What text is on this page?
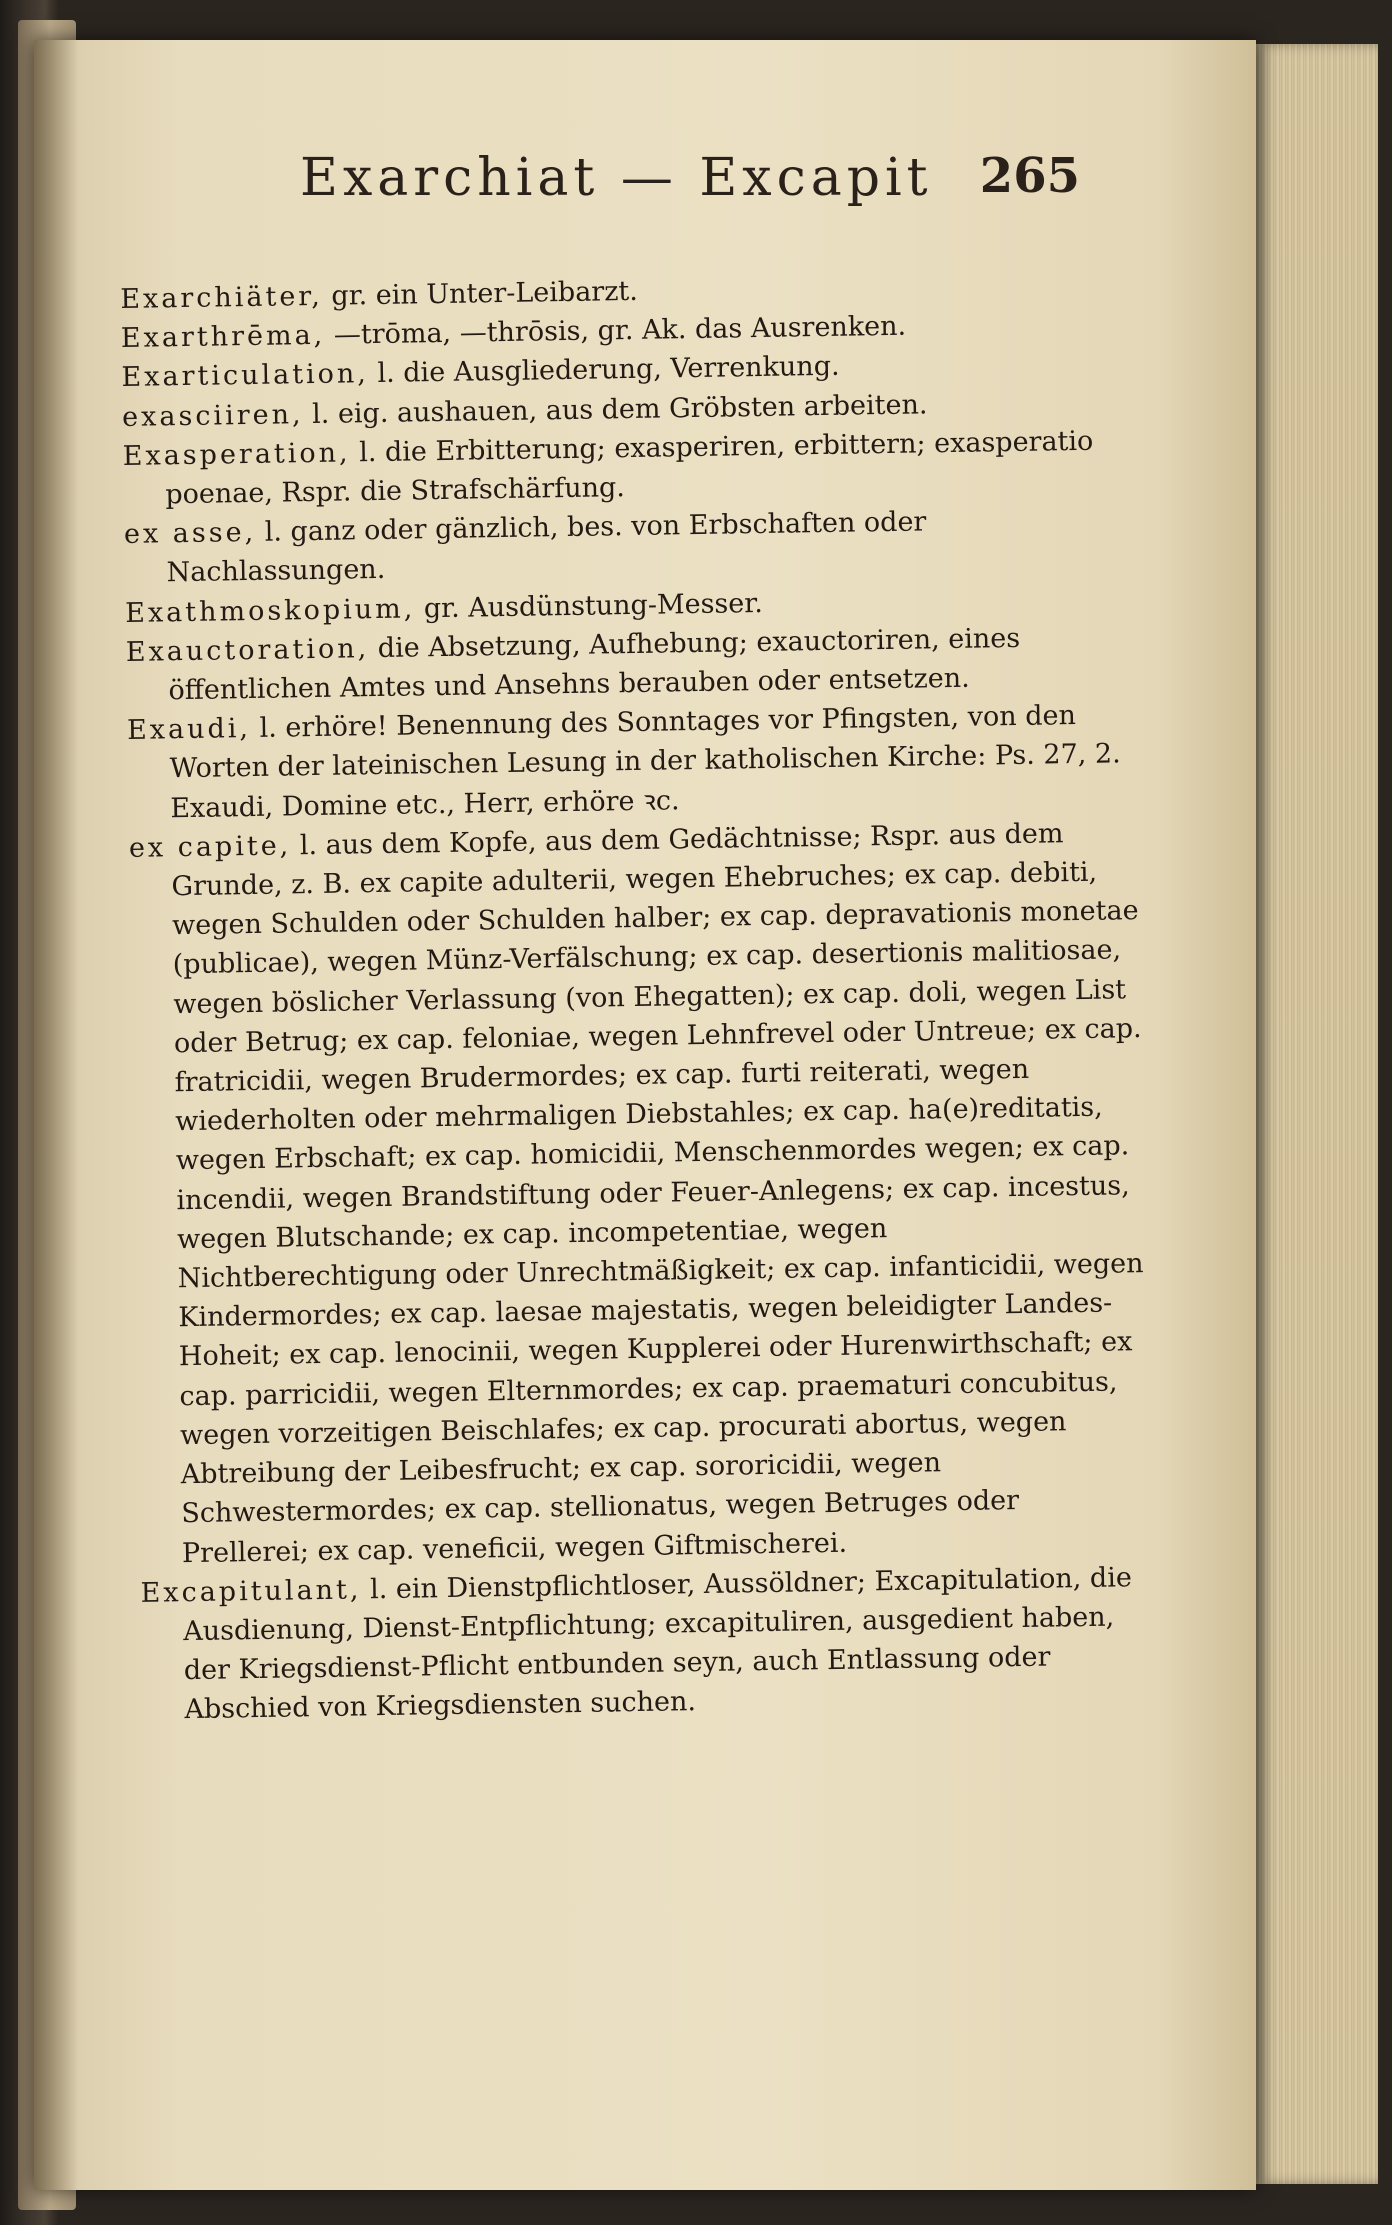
Exarchiat — Excapit 265

Exarchiäter, gr. ein Unter-Leibarzt.

Exarthrēma, —trōma, —thrōsis, gr. Ak. das Ausrenken.

Exarticulation, l. die Ausgliederung, Verrenkung.

exasciiren, l. eig. aushauen, aus dem Gröbsten arbeiten.

Exasperation, l. die Erbitterung; exasperiren, erbittern; exasperatio poenae, Rspr. die Strafschärfung.

ex asse, l. ganz oder gänzlich, bes. von Erbschaften oder Nachlassungen.

Exathmoskopium, gr. Ausdünstung-Messer.

Exauctoration, die Absetzung, Aufhebung; exauctoriren, eines öffentlichen Amtes und Ansehns berauben oder entsetzen.

Exaudi, l. erhöre! Benennung des Sonntages vor Pfingsten, von den Worten der lateinischen Lesung in der katholischen Kirche: Ps. 27, 2. Exaudi, Domine etc., Herr, erhöre ꝛc.

ex capite, l. aus dem Kopfe, aus dem Gedächtnisse; Rspr. aus dem Grunde, z. B. ex capite adulterii, wegen Ehebruches; ex cap. debiti, wegen Schulden oder Schulden halber; ex cap. depravationis monetae (publicae), wegen Münz-Verfälschung; ex cap. desertionis malitiosae, wegen böslicher Verlassung (von Ehegatten); ex cap. doli, wegen List oder Betrug; ex cap. feloniae, wegen Lehnfrevel oder Untreue; ex cap. fratricidii, wegen Brudermordes; ex cap. furti reiterati, wegen wiederholten oder mehrmaligen Diebstahles; ex cap. ha(e)reditatis, wegen Erbschaft; ex cap. homicidii, Menschenmordes wegen; ex cap. incendii, wegen Brandstiftung oder Feuer-Anlegens; ex cap. incestus, wegen Blutschande; ex cap. incompetentiae, wegen Nichtberechtigung oder Unrechtmäßigkeit; ex cap. infanticidii, wegen Kindermordes; ex cap. laesae majestatis, wegen beleidigter Landes-Hoheit; ex cap. lenocinii, wegen Kupplerei oder Hurenwirthschaft; ex cap. parricidii, wegen Elternmordes; ex cap. praematuri concubitus, wegen vorzeitigen Beischlafes; ex cap. procurati abortus, wegen Abtreibung der Leibesfrucht; ex cap. sororicidii, wegen Schwestermordes; ex cap. stellionatus, wegen Betruges oder Prellerei; ex cap. veneficii, wegen Giftmischerei.

Excapitulant, l. ein Dienstpflichtloser, Aussöldner; Excapitulation, die Ausdienung, Dienst-Entpflichtung; excapituliren, ausgedient haben, der Kriegsdienst-Pflicht entbunden seyn, auch Entlassung oder Abschied von Kriegsdiensten suchen.
